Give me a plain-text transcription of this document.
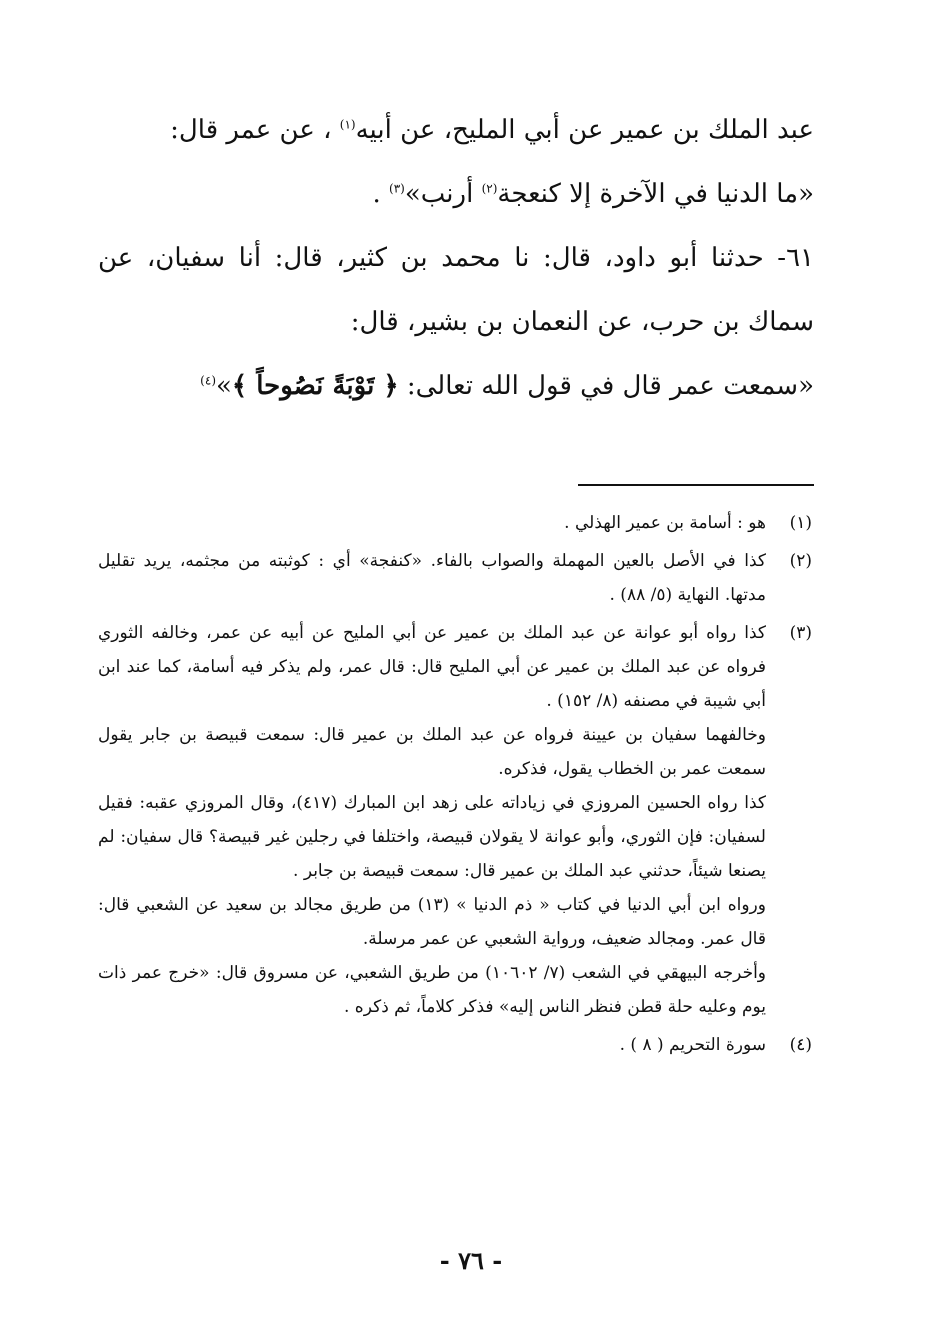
عبد الملك بن عمير عن أبي المليح، عن أبيه$^{(١)}$ ، عن عمر قال:

«ما الدنيا في الآخرة إلا كنعجة$^{(٢)}$ أرنب»$^{(٣)}$ .

٦١- حدثنا أبو داود، قال: نا محمد بن كثير، قال: أنا سفيان، عن سماك بن حرب، عن النعمان بن بشير، قال:

«سمعت عمر قال في قول الله تعالى: ﴿ تَوْبَةً نَصُوحاً ﴾»$^{(٤)}$

(١)

هو : أسامة بن عمير الهذلي .

(٢)

كذا في الأصل بالعين المهملة والصواب بالفاء. «كنفجة» أي : كوثبته من مجثمه، يريد تقليل مدتها. النهاية (٥/ ٨٨) .

(٣)

كذا رواه أبو عوانة عن عبد الملك بن عمير عن أبي المليح عن أبيه عن عمر، وخالفه الثوري فرواه عن عبد الملك بن عمير عن أبي المليح قال: قال عمر، ولم يذكر فيه أسامة، كما عند ابن أبي شيبة في مصنفه (٨/ ١٥٢) .

وخالفهما سفيان بن عيينة فرواه عن عبد الملك بن عمير قال: سمعت قبيصة بن جابر يقول سمعت عمر بن الخطاب يقول، فذكره.

كذا رواه الحسين المروزي في زياداته على زهد ابن المبارك (٤١٧)، وقال المروزي عقبه: فقيل لسفيان: فإن الثوري، وأبو عوانة لا يقولان قبيصة، واختلفا في رجلين غير قبيصة؟ قال سفيان: لم يصنعا شيئاً، حدثني عبد الملك بن عمير قال: سمعت قبيصة بن جابر .

ورواه ابن أبي الدنيا في كتاب « ذم الدنيا » (١٣) من طريق مجالد بن سعيد عن الشعبي قال: قال عمر. ومجالد ضعيف، ورواية الشعبي عن عمر مرسلة.

وأخرجه البيهقي في الشعب (٧/ ١٠٦٠٢) من طريق الشعبي، عن مسروق قال: «خرج عمر ذات يوم وعليه حلة قطن فنظر الناس إليه» فذكر كلاماً، ثم ذكره .

(٤)

سورة التحريم ( ٨ ) .

- ٧٦ -
